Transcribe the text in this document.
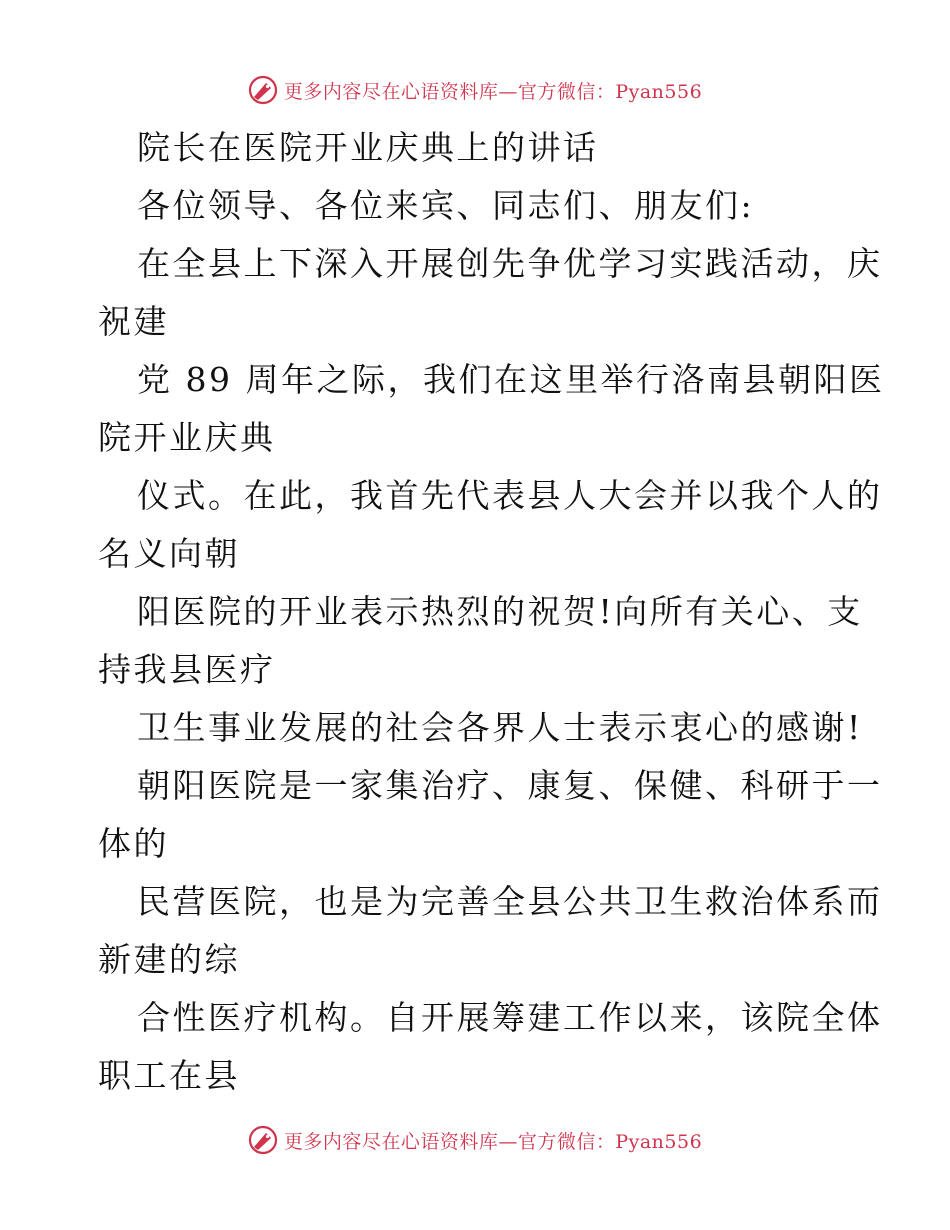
更多内容尽在心语资料库—官方微信：Pyan556
院长在医院开业庆典上的讲话
各位领导、各位来宾、同志们、朋友们:
在全县上下深入开展创先争优学习实践活动，庆
祝建
党 89 周年之际，我们在这里举行洛南县朝阳医
院开业庆典
仪式。在此，我首先代表县人大会并以我个人的
名义向朝
阳医院的开业表示热烈的祝贺!向所有关心、支
持我县医疗
卫生事业发展的社会各界人士表示衷心的感谢!
朝阳医院是一家集治疗、康复、保健、科研于一
体的
民营医院，也是为完善全县公共卫生救治体系而
新建的综
合性医疗机构。自开展筹建工作以来，该院全体
职工在县
更多内容尽在心语资料库—官方微信：Pyan556
